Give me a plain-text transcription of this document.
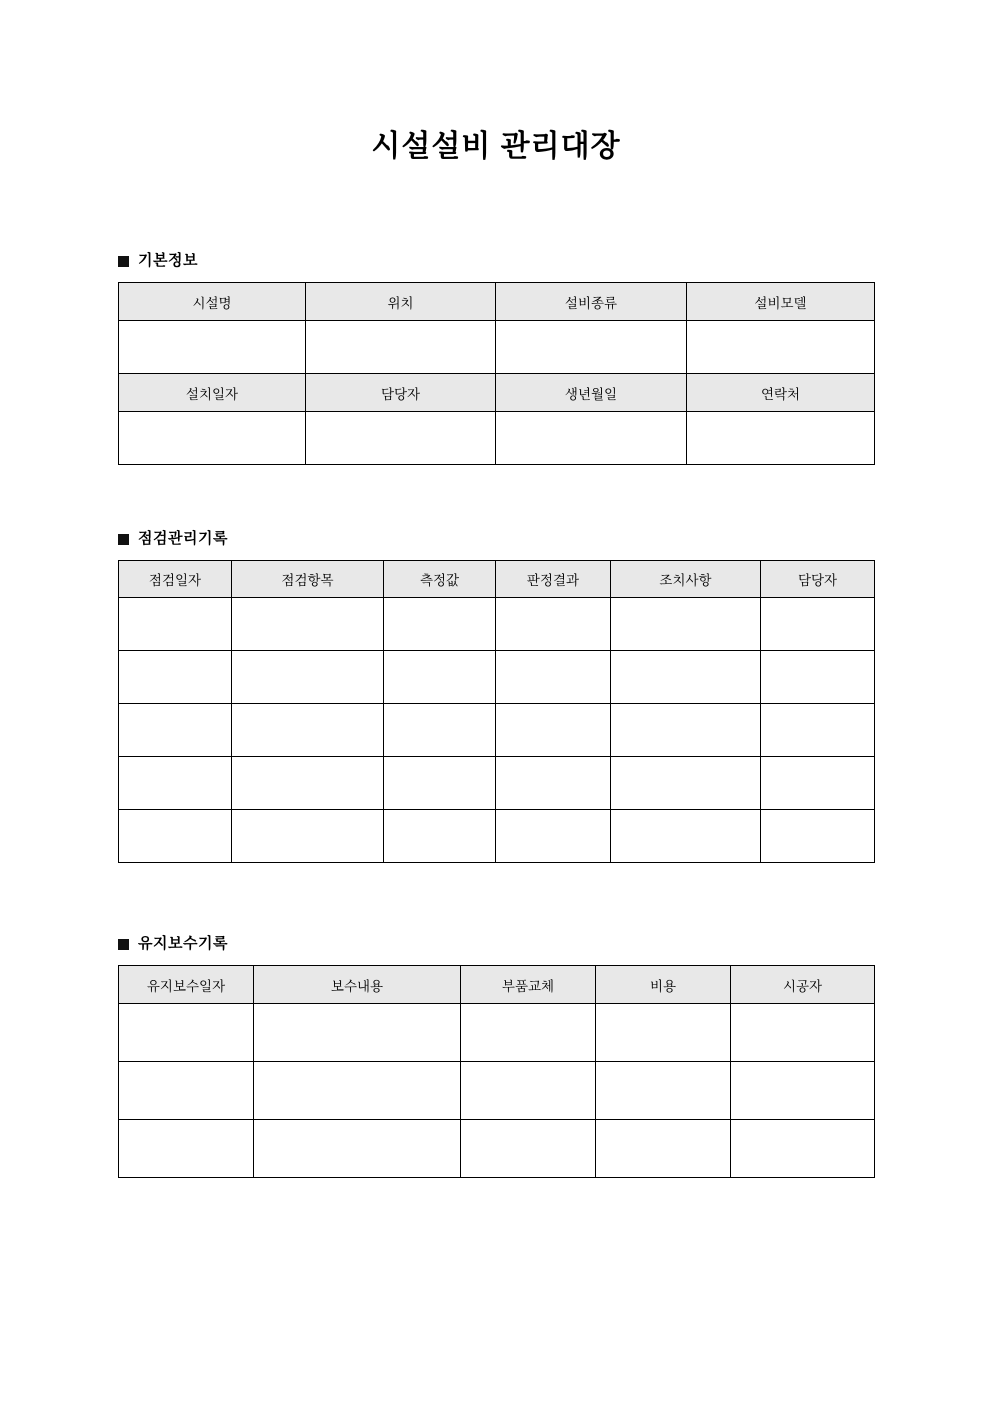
시설설비 관리대장
기본정보
시설명	위치	설비종류	설비모델

설치일자	담당자	생년월일	연락처

점검관리기록
점검일자	점검항목	측정값	판정결과	조치사항	담당자

유지보수기록
유지보수일자	보수내용	부품교체	비용	시공자
